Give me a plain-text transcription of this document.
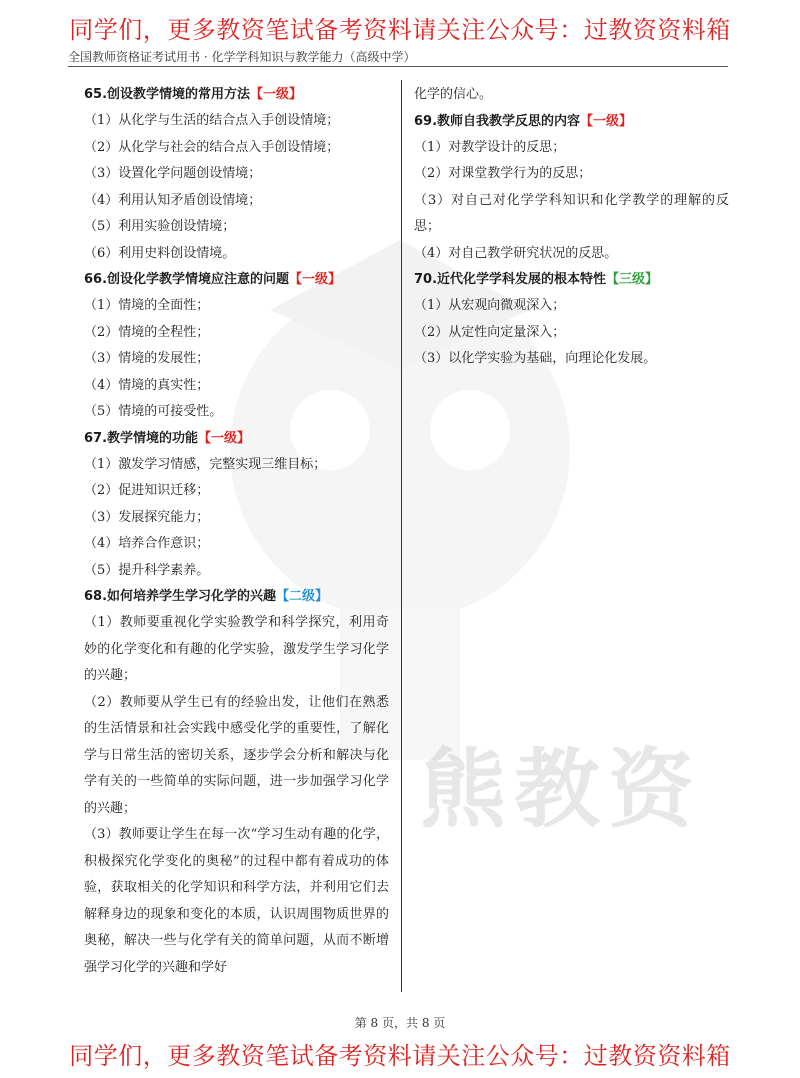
同学们，更多教资笔试备考资料请关注公众号：过教资资料箱
全国教师资格证考试用书 · 化学学科知识与教学能力（高级中学）
熊教资
65.创设教学情境的常用方法【一级】
（1）从化学与生活的结合点入手创设情境；
（2）从化学与社会的结合点入手创设情境；
（3）设置化学问题创设情境；
（4）利用认知矛盾创设情境；
（5）利用实验创设情境；
（6）利用史料创设情境。
66.创设化学教学情境应注意的问题【一级】
（1）情境的全面性；
（2）情境的全程性；
（3）情境的发展性；
（4）情境的真实性；
（5）情境的可接受性。
67.教学情境的功能【一级】
（1）激发学习情感，完整实现三维目标；
（2）促进知识迁移；
（3）发展探究能力；
（4）培养合作意识；
（5）提升科学素养。
68.如何培养学生学习化学的兴趣【二级】
（1）教师要重视化学实验教学和科学探究，利用奇妙的化学变化和有趣的化学实验，激发学生学习化学的兴趣；
（2）教师要从学生已有的经验出发，让他们在熟悉的生活情景和社会实践中感受化学的重要性，了解化学与日常生活的密切关系，逐步学会分析和解决与化学有关的一些简单的实际问题，进一步加强学习化学的兴趣；
（3）教师要让学生在每一次“学习生动有趣的化学，积极探究化学变化的奥秘”的过程中都有着成功的体验，获取相关的化学知识和科学方法，并利用它们去解释身边的现象和变化的本质，认识周围物质世界的奥秘，解决一些与化学有关的简单问题，从而不断增强学习化学的兴趣和学好
化学的信心。
69.教师自我教学反思的内容【一级】
（1）对教学设计的反思；
（2）对课堂教学行为的反思；
（3）对自己对化学学科知识和化学教学的理解的反思；
（4）对自己教学研究状况的反思。
70.近代化学学科发展的根本特性【三级】
（1）从宏观向微观深入；
（2）从定性向定量深入；
（3）以化学实验为基础，向理论化发展。
第 8 页，共 8 页
同学们，更多教资笔试备考资料请关注公众号：过教资资料箱
